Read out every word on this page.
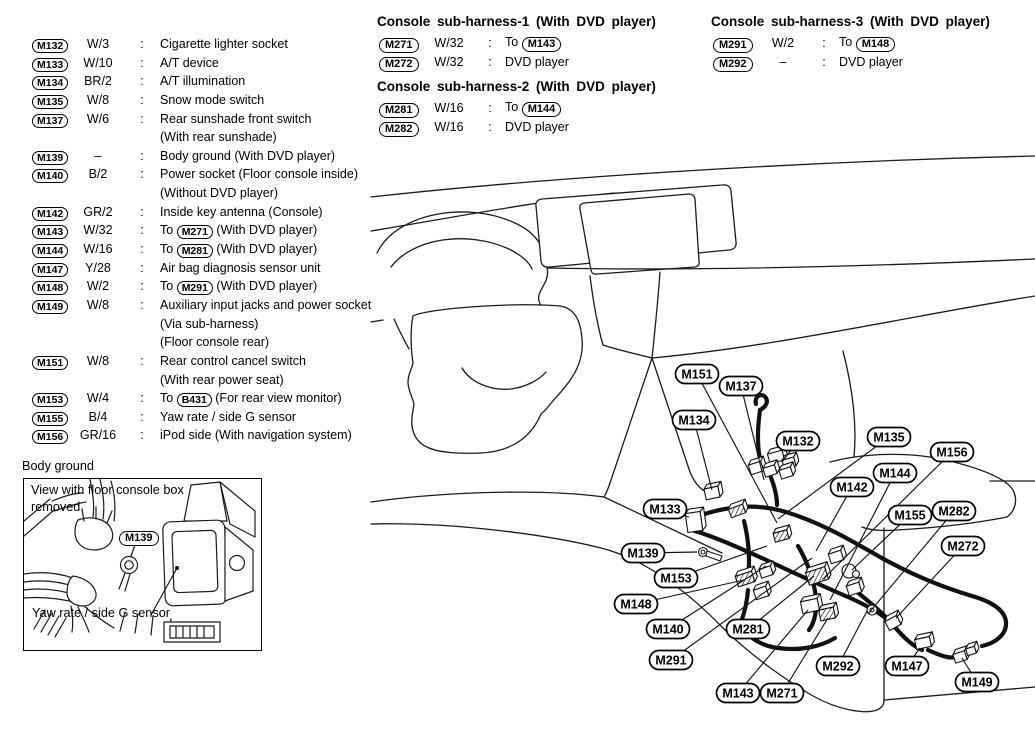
M132	W/3	:	Cigarette lighter socket
M133	W/10	:	A/T device
M134	BR/2	:	A/T illumination
M135	W/8	:	Snow mode switch
M137	W/6	:	Rear sunshade front switch
(With rear sunshade)
M139	–	:	Body ground (With DVD player)
M140	B/2	:	Power socket (Floor console inside)
(Without DVD player)
M142	GR/2	:	Inside key antenna (Console)
M143	W/32	:	To M271 (With DVD player)
M144	W/16	:	To M281 (With DVD player)
M147	Y/28	:	Air bag diagnosis sensor unit
M148	W/2	:	To M291 (With DVD player)
M149	W/8	:	Auxiliary input jacks and power socket
(Via sub-harness)
(Floor console rear)
M151	W/8	:	Rear control cancel switch
(With rear power seat)
M153	W/4	:	To B431 (For rear view monitor)
M155	B/4	:	Yaw rate / side G sensor
M156	GR/16	:	iPod side (With navigation system)
Console sub-harness-1 (With DVD player)
M271	W/32	:	To M143
M272	W/32	:	DVD player
Console sub-harness-2 (With DVD player)
M281	W/16	:	To M144
M282	W/16	:	DVD player
Console sub-harness-3 (With DVD player)
M291	W/2	:	To M148
M292	–	:	DVD player
M151
M137
M134
M132	M135
M156
M144
M142
M133	M155 M282
M272
M139
M153
M148
M140	M281
M291
M143 M271
M292	M147
M149
Body ground
View with floor console box
removed
M139
Yaw rate / side G sensor
